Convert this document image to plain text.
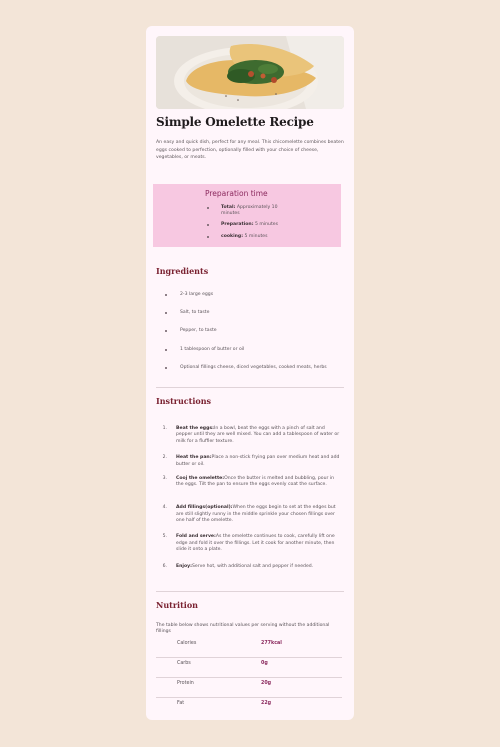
Simple Omelette Recipe

An easy and quick dish, perfect for any meal. This chicomelette combines beaten eggs cooked to perfection, optionally filled with your choice of cheese, vegetables, or meats.

Preparation time
Total: Approximately 10 minutes
Preparation: 5 minutes
cooking: 5 minutes
Ingredients
2-3 large eggs
Salt, to taste
Pepper, to taste
1 tablespoon of butter or oil
Optional fillings cheese, diced vegetables, cooked meats, herbs
Instructions
1. Beat the eggs:In a bowl, beat the eggs with a pinch of salt and pepper until they are well mixed. You can add a tablespoon of water or milk for a fluffier texture.
2. Heat the pan:Place a non-stick frying pan over medium heat and add butter or oil.
3. Cooj the omelette:Once the butter is melted and bubbling, pour in the eggs. Tilt the pan to ensure the eggs evenly coat the surface.
4. Add fillings(optional):When the eggs begin to set at the edges but are still slightly runny in the middle sprinkle your chosen fillings over one half of the omelette.
5. Fold and serve:As the omelette continues to cook, carefully lift one edge and fold it over the fillings. Let it cook for another minute, then slide it onto a plate.
6. Enjoy:Serve hot, with additional salt and pepper if needed.
Nutrition

The table below shows nutritional values per serving without the additional fillings

Calories	277kcal
Carbs	0g
Protein	20g
Fat	22g
